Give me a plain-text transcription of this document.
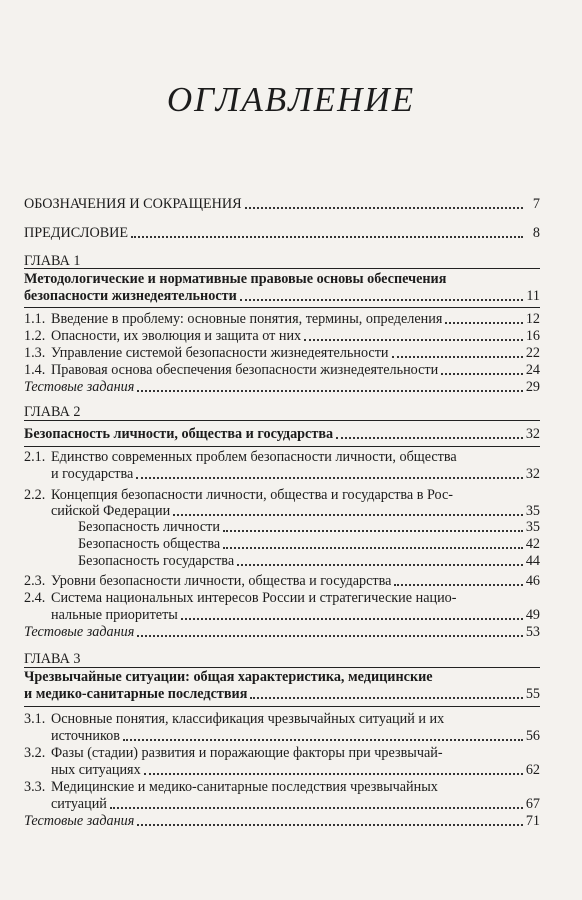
ОГЛАВЛЕНИЕ
ОБОЗНАЧЕНИЯ И СОКРАЩЕНИЯ	7
ПРЕДИСЛОВИЕ	8
ГЛАВА 1
Методологические и нормативные правовые основы обеспечения
безопасности жизнедеятельности	11
1.1. Введение в проблему: основные понятия, термины, определения	12
1.2. Опасности, их эволюция и защита от них	16
1.3. Управление системой безопасности жизнедеятельности	22
1.4. Правовая основа обеспечения безопасности жизнедеятельности	24
Тестовые задания	29
ГЛАВА 2
Безопасность личности, общества и государства	32
2.1. Единство современных проблем безопасности личности, общества
и государства	32
2.2. Концепция безопасности личности, общества и государства в Рос-
сийской Федерации	35
Безопасность личности	35
Безопасность общества	42
Безопасность государства	44
2.3. Уровни безопасности личности, общества и государства	46
2.4. Система национальных интересов России и стратегические нацио-
нальные приоритеты	49
Тестовые задания	53
ГЛАВА 3
Чрезвычайные ситуации: общая характеристика, медицинские
и медико-санитарные последствия	55
3.1. Основные понятия, классификация чрезвычайных ситуаций и их
источников	56
3.2. Фазы (стадии) развития и поражающие факторы при чрезвычай-
ных ситуациях	62
3.3. Медицинские и медико-санитарные последствия чрезвычайных
ситуаций	67
Тестовые задания	71
